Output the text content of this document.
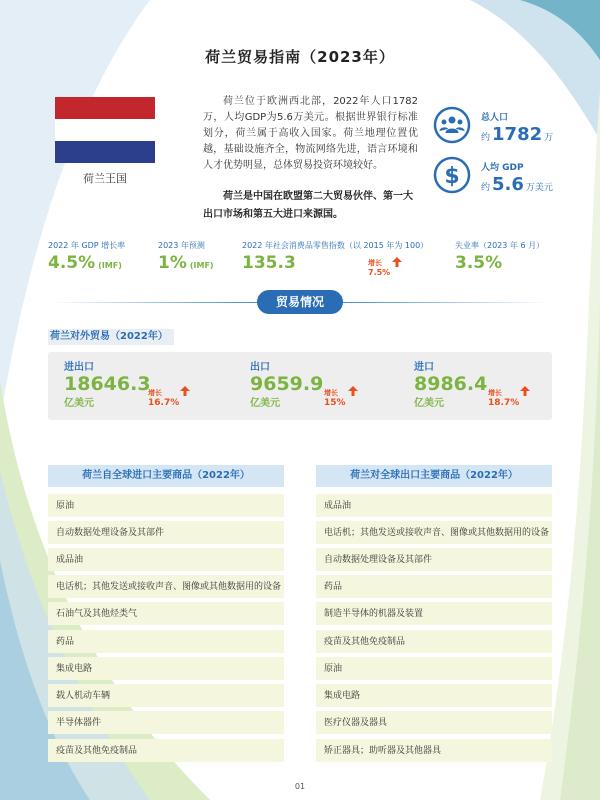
荷兰贸易指南（2023年）
荷兰王国
荷兰位于欧洲西北部，2022年人口1782万，人均GDP为5.6万美元。根据世界银行标准划分，荷兰属于高收入国家。荷兰地理位置优越，基础设施齐全，物流网络先进，语言环境和人才优势明显，总体贸易投资环境较好。
荷兰是中国在欧盟第二大贸易伙伴、第一大出口市场和第五大进口来源国。
总人口
约 1782 万
$ 人均 GDP
约 5.6 万美元
2022 年 GDP 增长率
4.5% (IMF)
2023 年预测
1% (IMF)
2022 年社会消费品零售指数（以 2015 年为 100）
135.3	增长
7.5%
失业率（2023 年 6 月）
3.5%
贸易情况
荷兰对外贸易（2022年）
进出口
18646.3
亿美元
增长
16.7%
出口
9659.9
亿美元
增长
15%
进口
8986.4
亿美元
增长
18.7%
荷兰自全球进口主要商品（2022年）
原油
自动数据处理设备及其部件
成品油
电话机；其他发送或接收声音、图像或其他数据用的设备
石油气及其他烃类气
药品
集成电路
载人机动车辆
半导体器件
疫苗及其他免疫制品
荷兰对全球出口主要商品（2022年）
成品油
电话机；其他发送或接收声音、图像或其他数据用的设备
自动数据处理设备及其部件
药品
制造半导体的机器及装置
疫苗及其他免疫制品
原油
集成电路
医疗仪器及器具
矫正器具；助听器及其他器具
01
